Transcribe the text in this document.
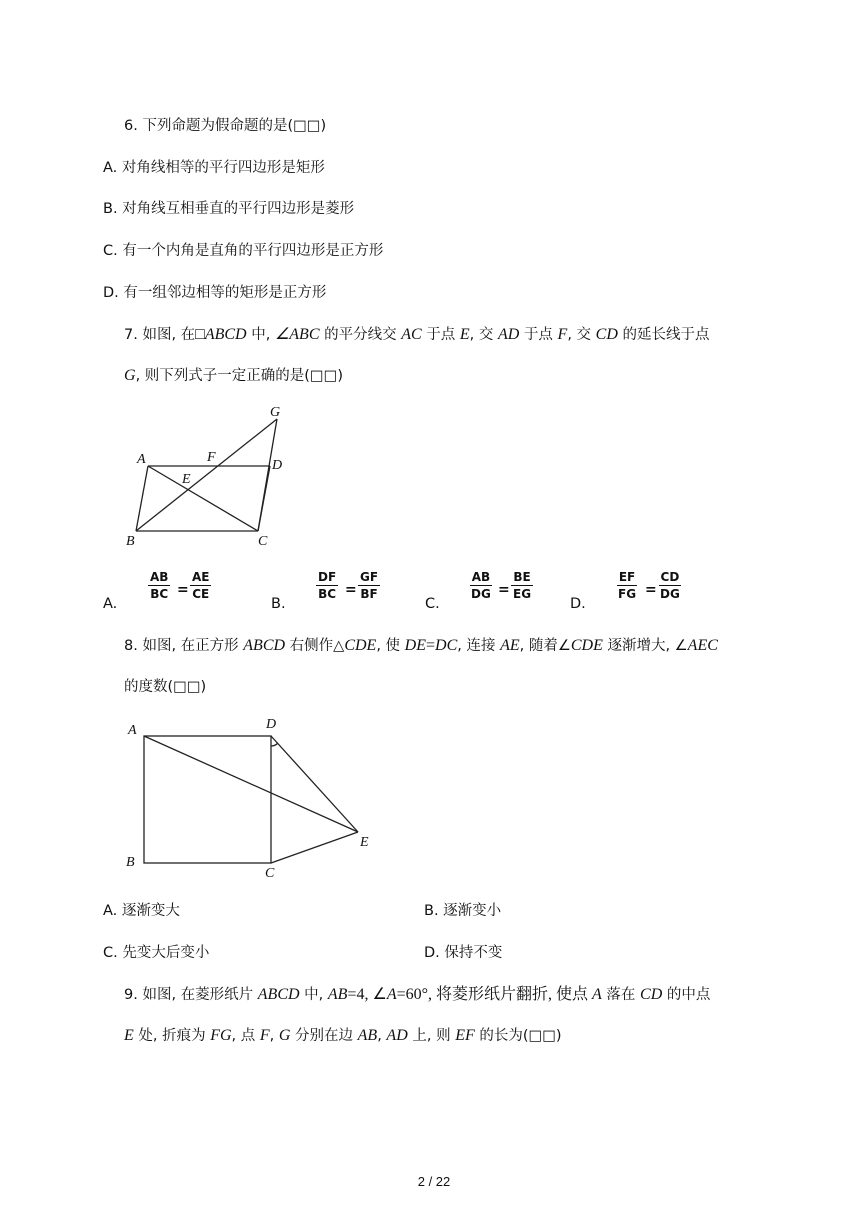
6. 下列命题为假命题的是(□□)
A. 对角线相等的平行四边形是矩形
B. 对角线互相垂直的平行四边形是菱形
C. 有一个内角是直角的平行四边形是正方形
D. 有一组邻边相等的矩形是正方形
7. 如图, 在□ABCD 中, ∠ABC 的平分线交 AC 于点 E, 交 AD 于点 F, 交 CD 的延长线于点
G, 则下列式子一定正确的是(□□)
A	F
D
E
G
B	C
A.
$\frac{AB}{BC} = \frac{AE}{CE}$
B.
$\frac{DF}{BC} = \frac{GF}{BF}$
C.
$\frac{AB}{DG} = \frac{BE}{EG}$
D.
$\frac{EF}{FG} = \frac{CD}{DG}$
8. 如图, 在正方形 ABCD 右侧作△CDE, 使 DE=DC, 连接 AE, 随着∠CDE 逐渐增大, ∠AEC
的度数(□□)
A	D
B
C
E
A. 逐渐变大	B. 逐渐变小
C. 先变大后变小	D. 保持不变
9. 如图, 在菱形纸片 ABCD 中, AB=4, ∠A=60°, 将菱形纸片翻折, 使点 A 落在 CD 的中点
E 处, 折痕为 FG, 点 F, G 分别在边 AB, AD 上, 则 EF 的长为(□□)
2 / 22
